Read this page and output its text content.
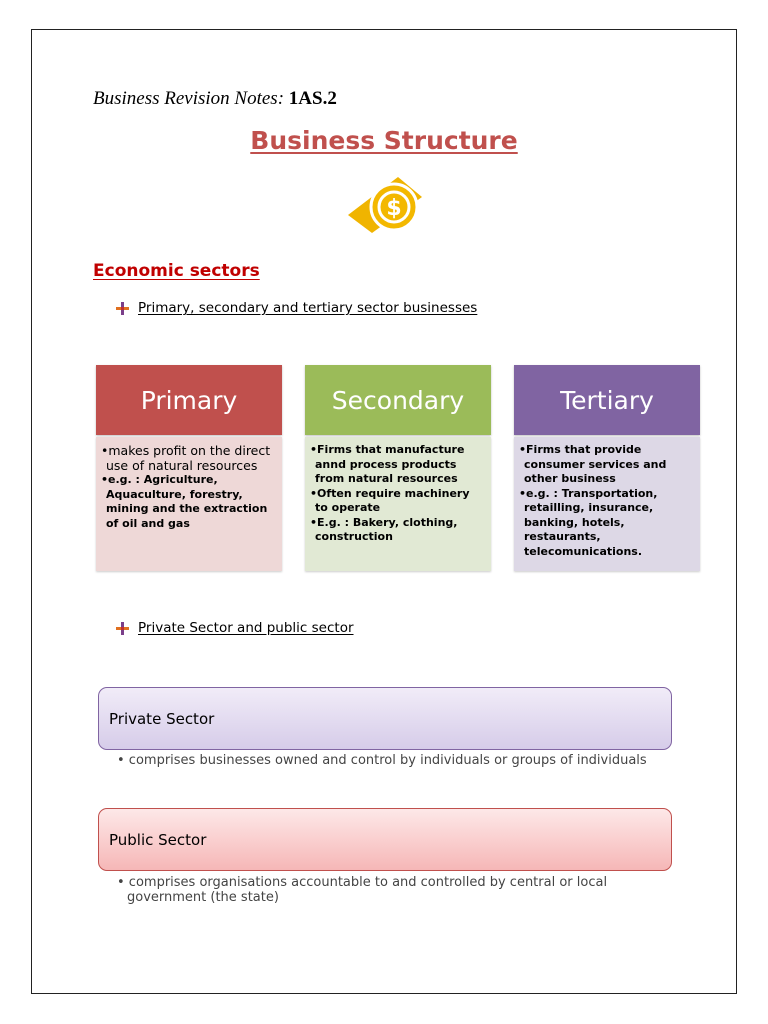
Business Revision Notes: 1AS.2
Business Structure
$
Economic sectors
Primary, secondary and tertiary sector businesses
Primary
• makes profit on the direct use of natural resources
• e.g. : Agriculture, Aquaculture, forestry, mining and the extraction of oil and gas
Secondary
• Firms that manufacture annd process products from natural resources
• Often require machinery to operate
• E.g. : Bakery, clothing, construction
Tertiary
• Firms that provide consumer services and other business
• e.g. : Transportation, retailling, insurance, banking, hotels, restaurants, telecomunications.
Private Sector and public sector
Private Sector
• comprises businesses owned and control by individuals or groups of individuals
Public Sector
• comprises organisations accountable to and controlled by central or local government (the state)
